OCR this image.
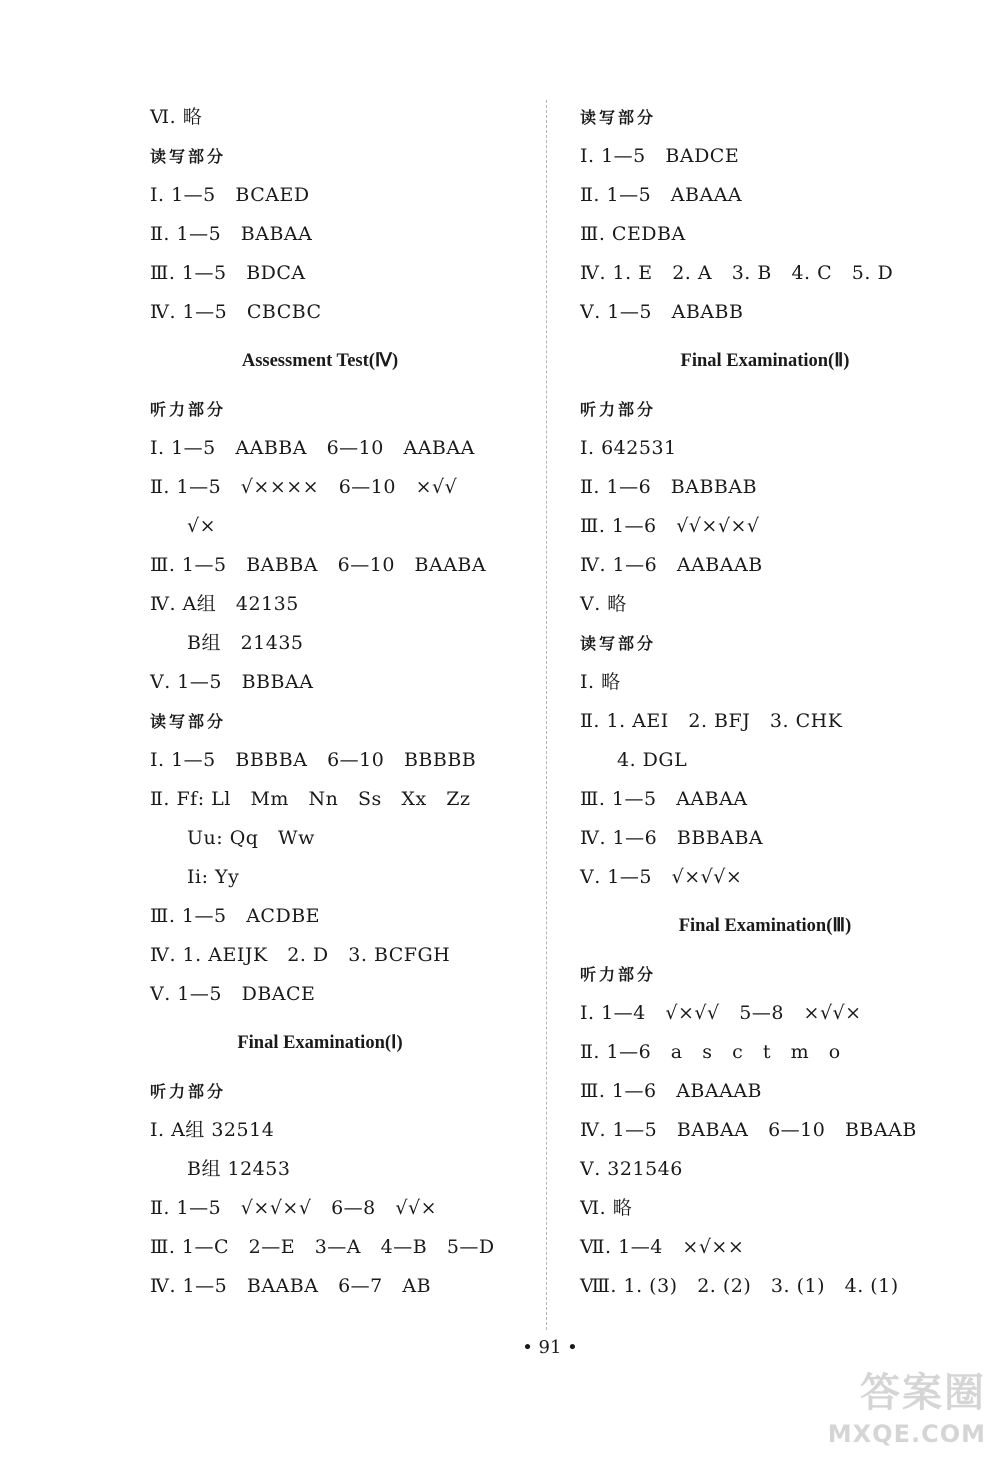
Ⅵ. 略
读写部分
Ⅰ. 1—5   BCAED
Ⅱ. 1—5   BABAA
Ⅲ. 1—5   BDCA
Ⅳ. 1—5   CBCBC
Assessment Test(Ⅳ)
听力部分
Ⅰ. 1—5   AABBA   6—10   AABAA
Ⅱ. 1—5   √××××   6—10   ×√√
√×
Ⅲ. 1—5   BABBA   6—10   BAABA
Ⅳ. A组   42135
B组   21435
Ⅴ. 1—5   BBBAA
读写部分
Ⅰ. 1—5   BBBBA   6—10   BBBBB
Ⅱ. Ff: Ll   Mm   Nn   Ss   Xx   Zz
Uu: Qq   Ww
Ii: Yy
Ⅲ. 1—5   ACDBE
Ⅳ. 1. AEIJK   2. D   3. BCFGH
Ⅴ. 1—5   DBACE
Final Examination(Ⅰ)
听力部分
Ⅰ. A组 32514
B组 12453
Ⅱ. 1—5   √×√×√   6—8   √√×
Ⅲ. 1—C   2—E   3—A   4—B   5—D
Ⅳ. 1—5   BAABA   6—7   AB
读写部分
Ⅰ. 1—5   BADCE
Ⅱ. 1—5   ABAAA
Ⅲ. CEDBA
Ⅳ. 1. E   2. A   3. B   4. C   5. D
Ⅴ. 1—5   ABABB
Final Examination(Ⅱ)
听力部分
Ⅰ. 642531
Ⅱ. 1—6   BABBAB
Ⅲ. 1—6   √√×√×√
Ⅳ. 1—6   AABAAB
Ⅴ. 略
读写部分
Ⅰ. 略
Ⅱ. 1. AEI   2. BFJ   3. CHK
4. DGL
Ⅲ. 1—5   AABAA
Ⅳ. 1—6   BBBABA
Ⅴ. 1—5   √×√√×
Final Examination(Ⅲ)
听力部分
Ⅰ. 1—4   √×√√   5—8   ×√√×
Ⅱ. 1—6   a   s   c   t   m   o
Ⅲ. 1—6   ABAAAB
Ⅳ. 1—5   BABAA   6—10   BBAAB
Ⅴ. 321546
Ⅵ. 略
Ⅶ. 1—4   ×√××
Ⅷ. 1. (3)   2. (2)   3. (1)   4. (1)
• 91 •
答案圈
MXQE.COM
